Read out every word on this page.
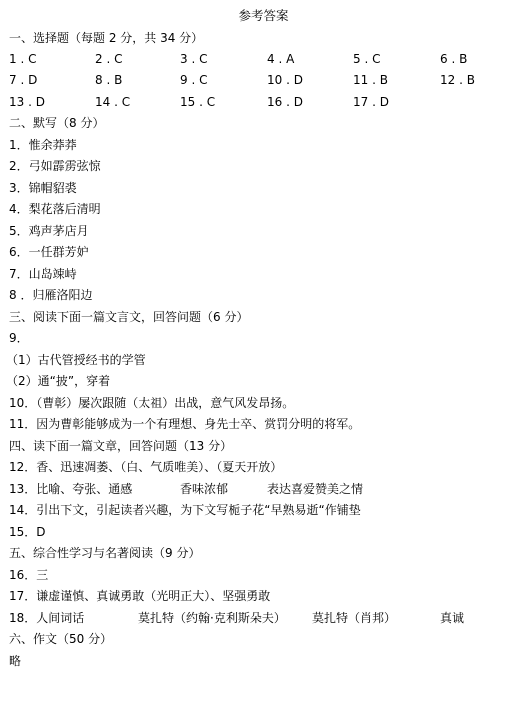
参考答案
一、选择题（每题 2 分，共 34 分）
1 . C	2 . C	3 . C	4 . A	5 . C	6 . B
7 . D	8 . B	9 . C	10 . D	11 . B	12 . B
13 . D	14 . C	15 . C	16 . D	17 . D
二、默写（8 分）
1．惟余莽莽
2．弓如霹雳弦惊
3．锦帽貂裘
4．梨花落后清明
5．鸡声茅店月
6．一任群芳妒
7．山岛竦峙
8 ．归雁洛阳边
三、阅读下面一篇文言文，回答问题（6 分）
9．
（1）古代管授经书的学管
（2）通“披”，穿着
10．（曹彰）屡次跟随（太祖）出战，意气风发昂扬。
11．因为曹彰能够成为一个有理想、身先士卒、赏罚分明的将军。
四、读下面一篇文章，回答问题（13 分）
12．香、迅速凋萎、（白、气质唯美）、（夏天开放）
13．比喻、夸张、通感	香味浓郁	表达喜爱赞美之情
14．引出下文，引起读者兴趣，为下文写栀子花“早熟易逝“作铺垫
15．D
五、综合性学习与名著阅读（9 分）
16．三
17．谦虚谨慎、真诚勇敢（光明正大）、坚强勇敢
18．人间词话	莫扎特（约翰·克利斯朵夫） 莫扎特（肖邦）	真诚
六、作文（50 分）
略
